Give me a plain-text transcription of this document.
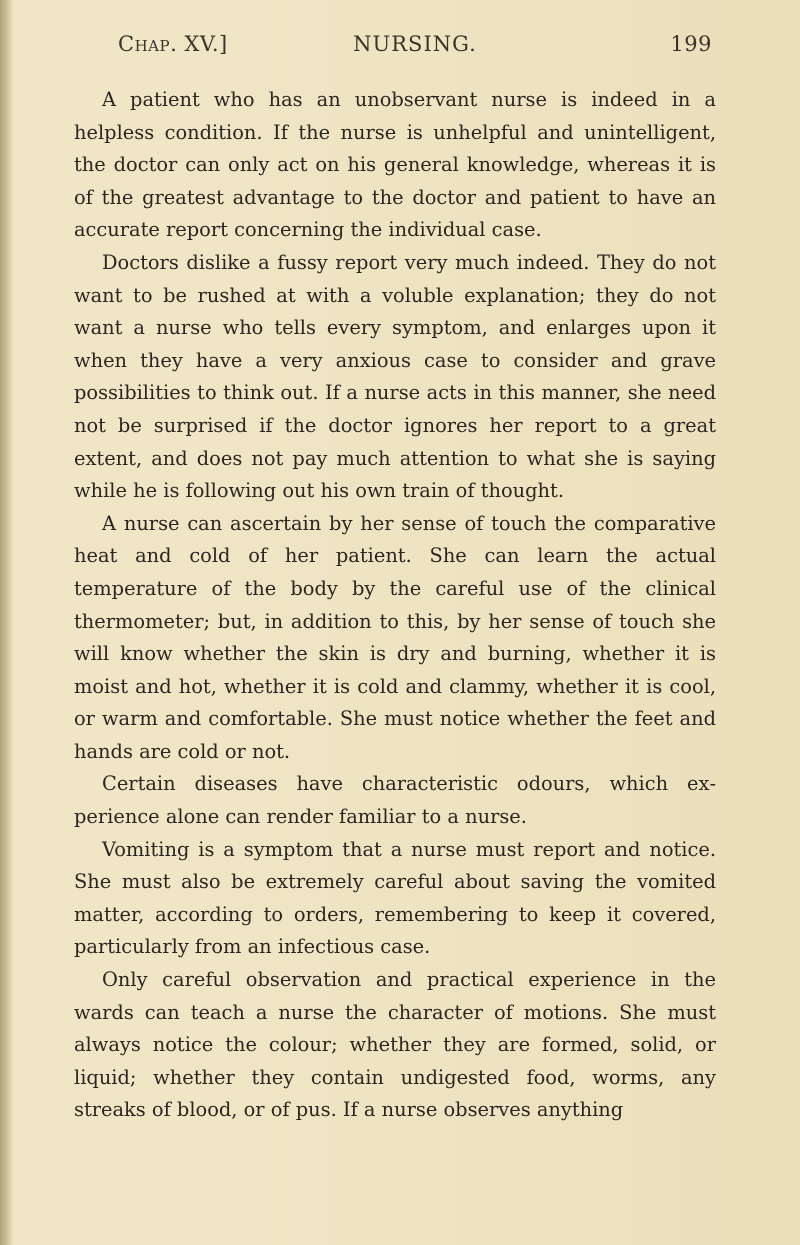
Chap. XV.]	NURSING.	199

A patient who has an unobservant nurse is indeed in a helpless condition. If the nurse is unhelpful and unintelligent, the doctor can only act on his general knowledge, whereas it is of the greatest advantage to the doctor and patient to have an accurate report concerning the individual case.

Doctors dislike a fussy report very much indeed. They do not want to be rushed at with a voluble explanation; they do not want a nurse who tells every symptom, and enlarges upon it when they have a very anxious case to consider and grave possibilities to think out. If a nurse acts in this manner, she need not be surprised if the doctor ignores her report to a great extent, and does not pay much attention to what she is saying while he is following out his own train of thought.

A nurse can ascertain by her sense of touch the comparative heat and cold of her patient. She can learn the actual temperature of the body by the careful use of the clinical thermometer; but, in addition to this, by her sense of touch she will know whether the skin is dry and burning, whether it is moist and hot, whether it is cold and clammy, whether it is cool, or warm and comfortable. She must notice whether the feet and hands are cold or not.

Certain diseases have characteristic odours, which experience alone can render familiar to a nurse.

Vomiting is a symptom that a nurse must report and notice. She must also be extremely careful about saving the vomited matter, according to orders, remembering to keep it covered, particularly from an infectious case.

Only careful observation and practical experience in the wards can teach a nurse the character of motions. She must always notice the colour; whether they are formed, solid, or liquid; whether they contain undigested food, worms, any streaks of blood, or of pus. If a nurse observes anything
